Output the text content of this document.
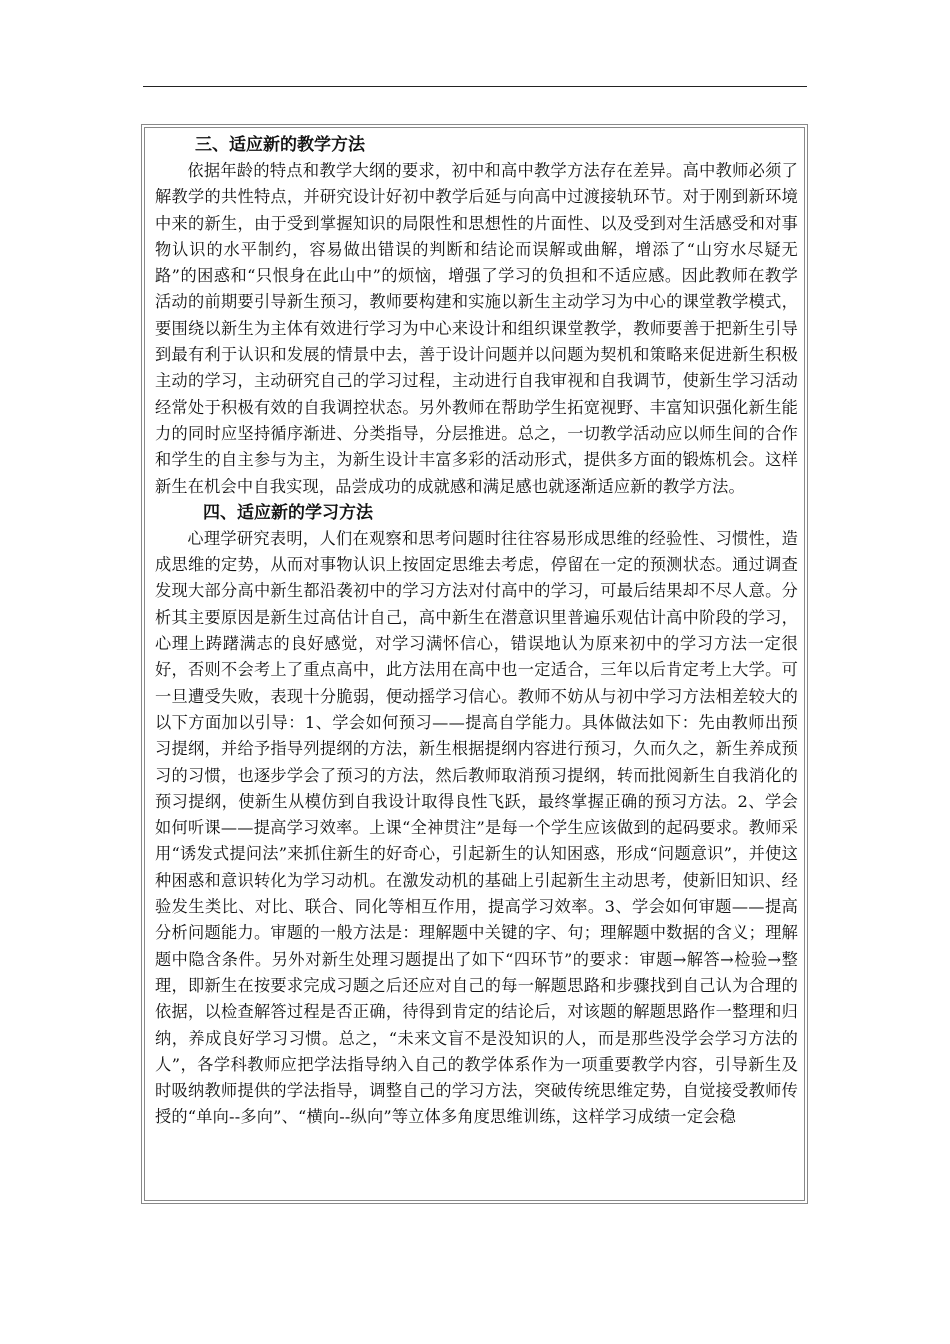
三、适应新的教学方法

依据年龄的特点和教学大纲的要求，初中和高中教学方法存在差异。高中教师必须了解教学的共性特点，并研究设计好初中教学后延与向高中过渡接轨环节。对于刚到新环境中来的新生，由于受到掌握知识的局限性和思想性的片面性、以及受到对生活感受和对事物认识的水平制约，容易做出错误的判断和结论而误解或曲解，增添了“山穷水尽疑无路”的困惑和“只恨身在此山中”的烦恼，增强了学习的负担和不适应感。因此教师在教学活动的前期要引导新生预习，教师要构建和实施以新生主动学习为中心的课堂教学模式，要围绕以新生为主体有效进行学习为中心来设计和组织课堂教学，教师要善于把新生引导到最有利于认识和发展的情景中去，善于设计问题并以问题为契机和策略来促进新生积极主动的学习，主动研究自己的学习过程，主动进行自我审视和自我调节，使新生学习活动经常处于积极有效的自我调控状态。另外教师在帮助学生拓宽视野、丰富知识强化新生能力的同时应坚持循序渐进、分类指导，分层推进。总之，一切教学活动应以师生间的合作和学生的自主参与为主，为新生设计丰富多彩的活动形式，提供多方面的锻炼机会。这样新生在机会中自我实现，品尝成功的成就感和满足感也就逐渐适应新的教学方法。

四、适应新的学习方法

心理学研究表明，人们在观察和思考问题时往往容易形成思维的经验性、习惯性，造成思维的定势，从而对事物认识上按固定思维去考虑，停留在一定的预测状态。通过调查发现大部分高中新生都沿袭初中的学习方法对付高中的学习，可最后结果却不尽人意。分析其主要原因是新生过高估计自己，高中新生在潜意识里普遍乐观估计高中阶段的学习，心理上踌躇满志的良好感觉，对学习满怀信心，错误地认为原来初中的学习方法一定很好，否则不会考上了重点高中，此方法用在高中也一定适合，三年以后肯定考上大学。可一旦遭受失败，表现十分脆弱，便动摇学习信心。教师不妨从与初中学习方法相差较大的以下方面加以引导：1、学会如何预习——提高自学能力。具体做法如下：先由教师出预习提纲，并给予指导列提纲的方法，新生根据提纲内容进行预习，久而久之，新生养成预习的习惯，也逐步学会了预习的方法，然后教师取消预习提纲，转而批阅新生自我消化的预习提纲，使新生从模仿到自我设计取得良性飞跃，最终掌握正确的预习方法。2、学会如何听课——提高学习效率。上课“全神贯注”是每一个学生应该做到的起码要求。教师采用“诱发式提问法”来抓住新生的好奇心，引起新生的认知困惑，形成“问题意识”，并使这种困惑和意识转化为学习动机。在激发动机的基础上引起新生主动思考，使新旧知识、经验发生类比、对比、联合、同化等相互作用，提高学习效率。3、学会如何审题——提高分析问题能力。审题的一般方法是：理解题中关键的字、句；理解题中数据的含义；理解题中隐含条件。另外对新生处理习题提出了如下“四环节”的要求：审题→解答→检验→整理，即新生在按要求完成习题之后还应对自己的每一解题思路和步骤找到自己认为合理的依据，以检查解答过程是否正确，待得到肯定的结论后，对该题的解题思路作一整理和归纳，养成良好学习习惯。总之，“未来文盲不是没知识的人，而是那些没学会学习方法的人”，各学科教师应把学法指导纳入自己的教学体系作为一项重要教学内容，引导新生及时吸纳教师提供的学法指导，调整自己的学习方法，突破传统思维定势，自觉接受教师传授的“单向--多向”、“横向--纵向”等立体多角度思维训练，这样学习成绩一定会稳
